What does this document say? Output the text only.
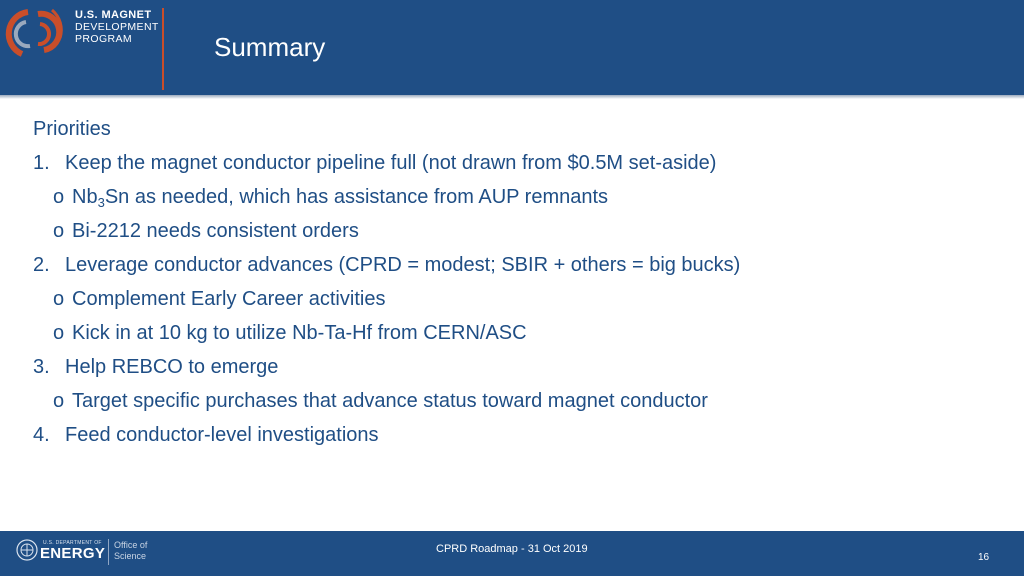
U.S. MAGNET
DEVELOPMENT
PROGRAM	Summary
Priorities
1. Keep the magnet conductor pipeline full (not drawn from $0.5M set-aside)
o $Nb_3Sn$ as needed, which has assistance from AUP remnants
o Bi-2212 needs consistent orders
2. Leverage conductor advances (CPRD = modest; SBIR + others = big bucks)
o Complement Early Career activities
o Kick in at 10 kg to utilize Nb-Ta-Hf from CERN/ASC
3. Help REBCO to emerge
o Target specific purchases that advance status toward magnet conductor
4. Feed conductor-level investigations
U.S. DEPARTMENT OF
ENERGY Office of
Science
CPRD Roadmap - 31 Oct 2019
16
